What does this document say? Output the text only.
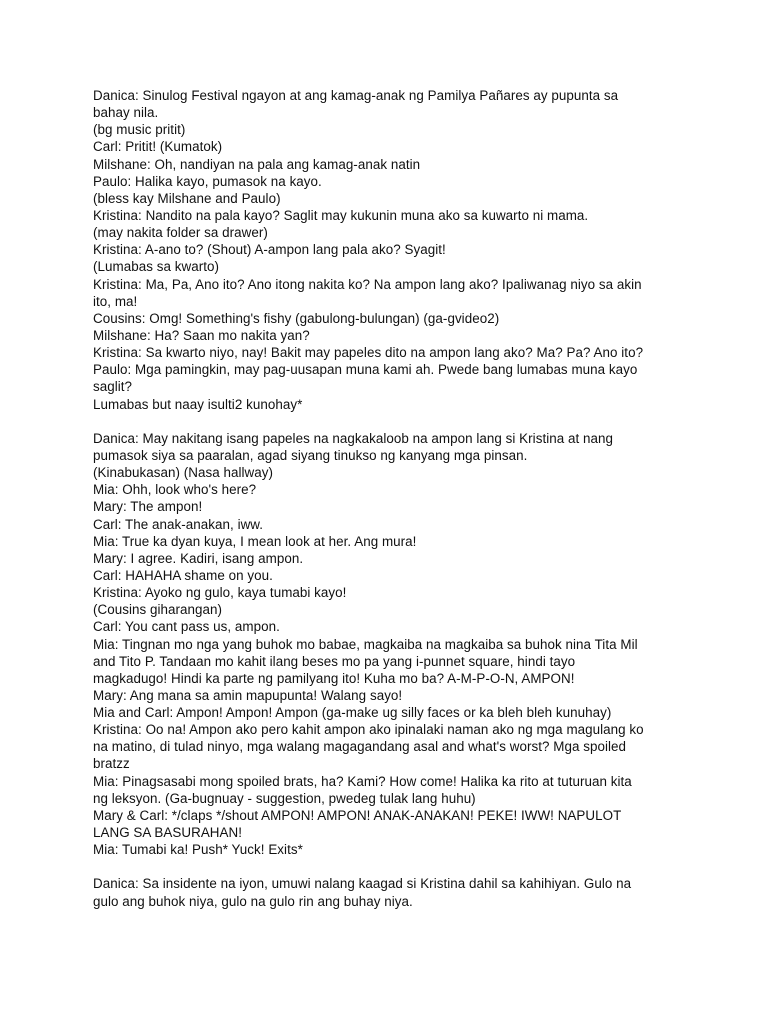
Danica: Sinulog Festival ngayon at ang kamag-anak ng Pamilya Pañares ay pupunta sa
bahay nila.
(bg music pritit)
Carl: Pritit! (Kumatok)
Milshane: Oh, nandiyan na pala ang kamag-anak natin
Paulo: Halika kayo, pumasok na kayo.
(bless kay Milshane and Paulo)
Kristina: Nandito na pala kayo? Saglit may kukunin muna ako sa kuwarto ni mama.
(may nakita folder sa drawer)
Kristina: A-ano to? (Shout) A-ampon lang pala ako? Syagit!
(Lumabas sa kwarto)
Kristina: Ma, Pa, Ano ito? Ano itong nakita ko? Na ampon lang ako? Ipaliwanag niyo sa akin
ito, ma!
Cousins: Omg! Something's fishy (gabulong-bulungan) (ga-gvideo2)
Milshane: Ha? Saan mo nakita yan?
Kristina: Sa kwarto niyo, nay! Bakit may papeles dito na ampon lang ako? Ma? Pa? Ano ito?
Paulo: Mga pamingkin, may pag-uusapan muna kami ah. Pwede bang lumabas muna kayo
saglit?
Lumabas but naay isulti2 kunohay*
Danica: May nakitang isang papeles na nagkakaloob na ampon lang si Kristina at nang
pumasok siya sa paaralan, agad siyang tinukso ng kanyang mga pinsan.
(Kinabukasan) (Nasa hallway)
Mia: Ohh, look who's here?
Mary: The ampon!
Carl: The anak-anakan, iww.
Mia: True ka dyan kuya, I mean look at her. Ang mura!
Mary: I agree. Kadiri, isang ampon.
Carl: HAHAHA shame on you.
Kristina: Ayoko ng gulo, kaya tumabi kayo!
(Cousins giharangan)
Carl: You cant pass us, ampon.
Mia: Tingnan mo nga yang buhok mo babae, magkaiba na magkaiba sa buhok nina Tita Mil
and Tito P. Tandaan mo kahit ilang beses mo pa yang i-punnet square, hindi tayo
magkadugo! Hindi ka parte ng pamilyang ito! Kuha mo ba? A-M-P-O-N, AMPON!
Mary: Ang mana sa amin mapupunta! Walang sayo!
Mia and Carl: Ampon! Ampon! Ampon (ga-make ug silly faces or ka bleh bleh kunuhay)
Kristina: Oo na! Ampon ako pero kahit ampon ako ipinalaki naman ako ng mga magulang ko
na matino, di tulad ninyo, mga walang magagandang asal and what's worst? Mga spoiled
bratzz
Mia: Pinagsasabi mong spoiled brats, ha? Kami? How come! Halika ka rito at tuturuan kita
ng leksyon. (Ga-bugnuay - suggestion, pwedeg tulak lang huhu)
Mary & Carl: */claps */shout AMPON! AMPON! ANAK-ANAKAN! PEKE! IWW! NAPULOT
LANG SA BASURAHAN!
Mia: Tumabi ka! Push* Yuck! Exits*
Danica: Sa insidente na iyon, umuwi nalang kaagad si Kristina dahil sa kahihiyan. Gulo na
gulo ang buhok niya, gulo na gulo rin ang buhay niya.
